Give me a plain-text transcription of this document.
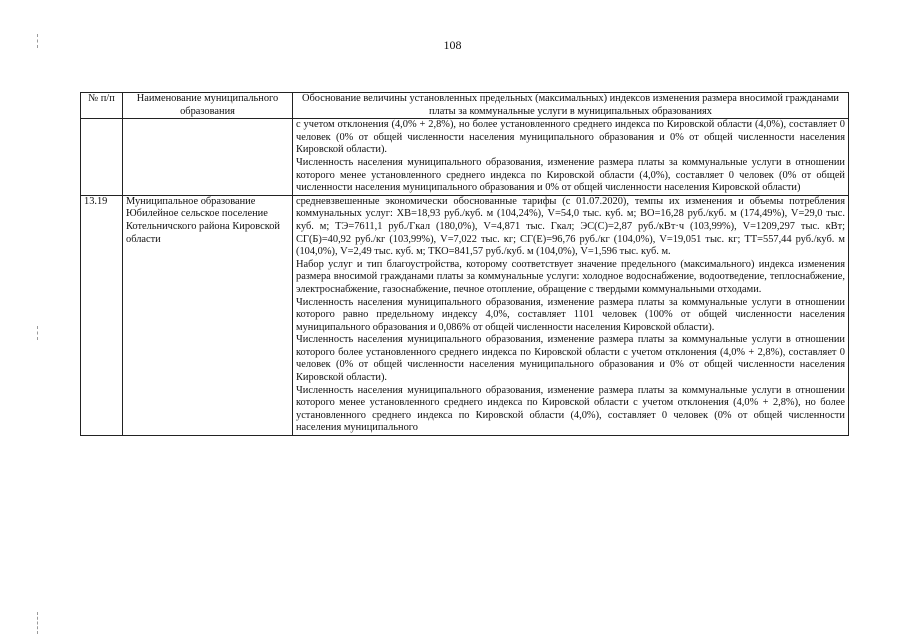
108
№ п/п	Наименование муниципального образования	Обоснование величины установленных предельных (максимальных) индексов изменения размера вносимой гражданами платы за коммунальные услуги в муниципальных образованиях

		с учетом отклонения (4,0% + 2,8%), но более установленного среднего индекса по Кировской области (4,0%), составляет 0 человек (0% от общей численности населения муниципального образования и 0% от общей численности населения Кировской области).

Численность населения муниципального образования, изменение размера платы за коммунальные услуги в отношении которого менее установленного среднего индекса по Кировской области (4,0%), составляет 0 человек (0% от общей численности населения муниципального образования и 0% от общей численности населения Кировской области)

13.19	Муниципальное образование Юбилейное сельское поселение Котельничского района Кировской области	средневзвешенные экономически обоснованные тарифы (с 01.07.2020), темпы их изменения и объемы потребления коммунальных услуг: ХВ=18,93 руб./куб. м (104,24%), V=54,0 тыс. куб. м; ВО=16,28 руб./куб. м (174,49%), V=29,0 тыс. куб. м; ТЭ=7611,1 руб./Гкал (180,0%), V=4,871 тыс. Гкал; ЭС(С)=2,87 руб./кВт·ч (103,99%), V=1209,297 тыс. кВт; СГ(Б)=40,92 руб./кг (103,99%), V=7,022 тыс. кг; СГ(Е)=96,76 руб./кг (104,0%), V=19,051 тыс. кг; ТТ=557,44 руб./куб. м (104,0%), V=2,49 тыс. куб. м; ТКО=841,57 руб./куб. м (104,0%), V=1,596 тыс. куб. м.

Набор услуг и тип благоустройства, которому соответствует значение предельного (максимального) индекса изменения размера вносимой гражданами платы за коммунальные услуги: холодное водоснабжение, водоотведение, теплоснабжение, электроснабжение, газоснабжение, печное отопление, обращение с твердыми коммунальными отходами.

Численность населения муниципального образования, изменение размера платы за коммунальные услуги в отношении которого равно предельному индексу 4,0%, составляет 1101 человек (100% от общей численности населения муниципального образования и 0,086% от общей численности населения Кировской области).

Численность населения муниципального образования, изменение размера платы за коммунальные услуги в отношении которого более установленного среднего индекса по Кировской области с учетом отклонения (4,0% + 2,8%), составляет 0 человек (0% от общей численности населения муниципального образования и 0% от общей численности населения Кировской области).

Численность населения муниципального образования, изменение размера платы за коммунальные услуги в отношении которого менее установленного среднего индекса по Кировской области с учетом отклонения (4,0% + 2,8%), но более установленного среднего индекса по Кировской области (4,0%), составляет 0 человек (0% от общей численности населения муниципального
